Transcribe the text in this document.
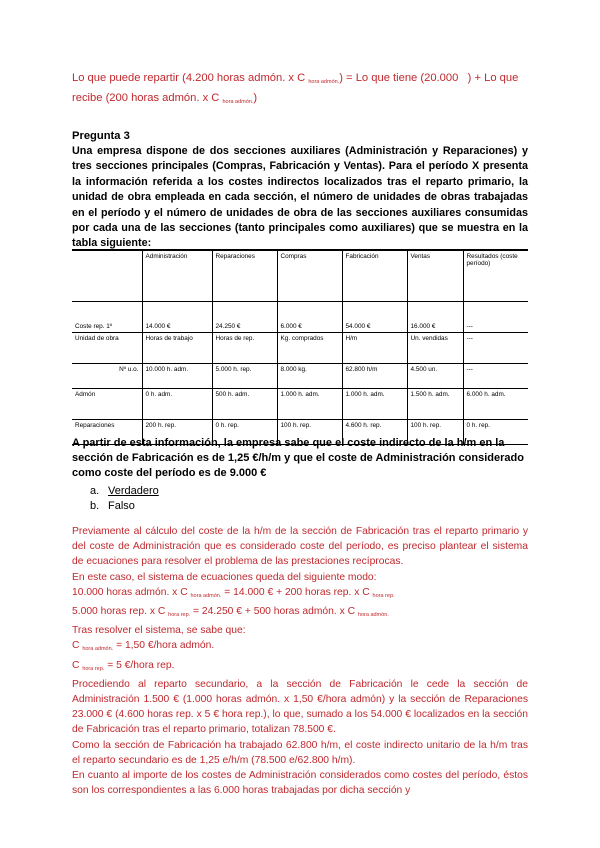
Lo que puede repartir (4.200 horas admón. x C $_{hora admón.}$) = Lo que tiene (20.000   ) + Lo que recibe (200 horas admón. x C $_{hora admón.}$)
Pregunta 3
Una empresa dispone de dos secciones auxiliares (Administración y Reparaciones) y tres secciones principales (Compras, Fabricación y Ventas). Para el período X presenta la información referida a los costes indirectos localizados tras el reparto primario, la unidad de obra empleada en cada sección, el número de unidades de obras trabajadas en el período y el número de unidades de obra de las secciones auxiliares consumidas por cada una de las secciones (tanto principales como auxiliares) que se muestra en la tabla siguiente:
	Administración	Reparaciones	Compras	Fabricación	Ventas	Resultados (coste período)
Coste rep. 1º	14.000 €	24.250 €	6.000 €	54.000 €	16.000 €	---
Unidad de obra	Horas de trabajo	Horas de rep.	Kg. comprados	H/m	Un. vendidas	---
Nº u.o.	10.000 h. adm.	5.000 h. rep.	8.000 kg.	62.800 h/m	4.500 un.	---
Admón	0 h. adm.	500 h. adm.	1.000 h. adm.	1.000 h. adm.	1.500 h. adm.	6.000 h. adm.
Reparaciones	200 h. rep.	0 h. rep.	100 h. rep.	4.600 h. rep.	100 h. rep.	0 h. rep.
A partir de esta información, la empresa sabe que el coste indirecto de la h/m en la sección de Fabricación es de 1,25 €/h/m y que el coste de Administración considerado como coste del período es de 9.000 €
a. Verdadero
b. Falso

Previamente al cálculo del coste de la h/m de la sección de Fabricación tras el reparto primario y del coste de Administración que es considerado coste del período, es preciso plantear el sistema de ecuaciones para resolver el problema de las prestaciones recíprocas.

En este caso, el sistema de ecuaciones queda del siguiente modo:

10.000 horas admón. x C $_{hora admón.}$ = 14.000 € + 200 horas rep. x C $_{hora rep.}$

5.000 horas rep. x C $_{hora rep.}$ = 24.250 € + 500 horas admón. x C $_{hora admón.}$

Tras resolver el sistema, se sabe que:

C $_{hora admón.}$ = 1,50 €/hora admón.

C $_{hora rep.}$ = 5 €/hora rep.

Procediendo al reparto secundario, a la sección de Fabricación le cede la sección de Administración 1.500 € (1.000 horas admón. x 1,50 €/hora admón) y la sección de Reparaciones 23.000 € (4.600 horas rep. x 5 € hora rep.), lo que, sumado a los 54.000 € localizados en la sección de Fabricación tras el reparto primario, totalizan 78.500 €.

Como la sección de Fabricación ha trabajado 62.800 h/m, el coste indirecto unitario de la h/m tras el reparto secundario es de 1,25 e/h/m (78.500 e/62.800 h/m).

En cuanto al importe de los costes de Administración considerados como costes del período, éstos son los correspondientes a las 6.000 horas trabajadas por dicha sección y
